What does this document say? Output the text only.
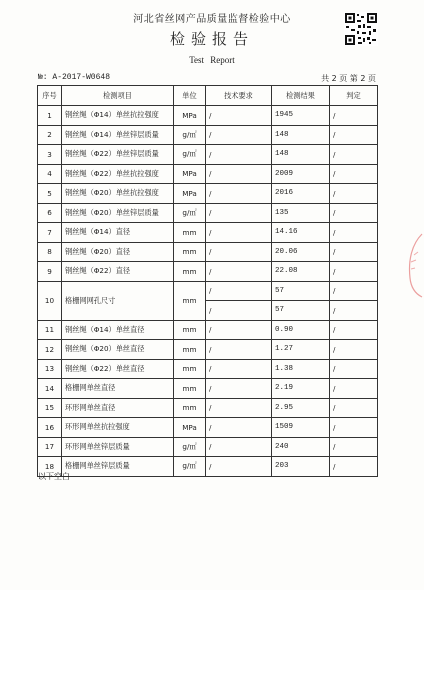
河北省丝网产品质量监督检验中心
检验报告
Test Report
№: A-2017-W0648	共 2 页 第 2 页
序号	检测项目	单位	技术要求	检测结果	判定
1	钢丝绳（Φ14）单丝抗拉强度	MPa	/	1945	/
2	钢丝绳（Φ14）单丝锌层质量	g/㎡	/	148	/
3	钢丝绳（Φ22）单丝锌层质量	g/㎡	/	148	/
4	钢丝绳（Φ22）单丝抗拉强度	MPa	/	2009	/
5	钢丝绳（Φ20）单丝抗拉强度	MPa	/	2016	/
6	钢丝绳（Φ20）单丝锌层质量	g/㎡	/	135	/
7	钢丝绳（Φ14）直径	mm	/	14.16	/
8	钢丝绳（Φ20）直径	mm	/	20.06	/
9	钢丝绳（Φ22）直径	mm	/	22.08	/
10	格栅网网孔尺寸	mm	/	57	/
			/	57	/
11	钢丝绳（Φ14）单丝直径	mm	/	0.90	/
12	钢丝绳（Φ20）单丝直径	mm	/	1.27	/
13	钢丝绳（Φ22）单丝直径	mm	/	1.38	/
14	格栅网单丝直径	mm	/	2.19	/
15	环形网单丝直径	mm	/	2.95	/
16	环形网单丝抗拉强度	MPa	/	1509	/
17	环形网单丝锌层质量	g/㎡	/	240	/
18	格栅网单丝锌层质量	g/㎡	/	203	/
以下空白
